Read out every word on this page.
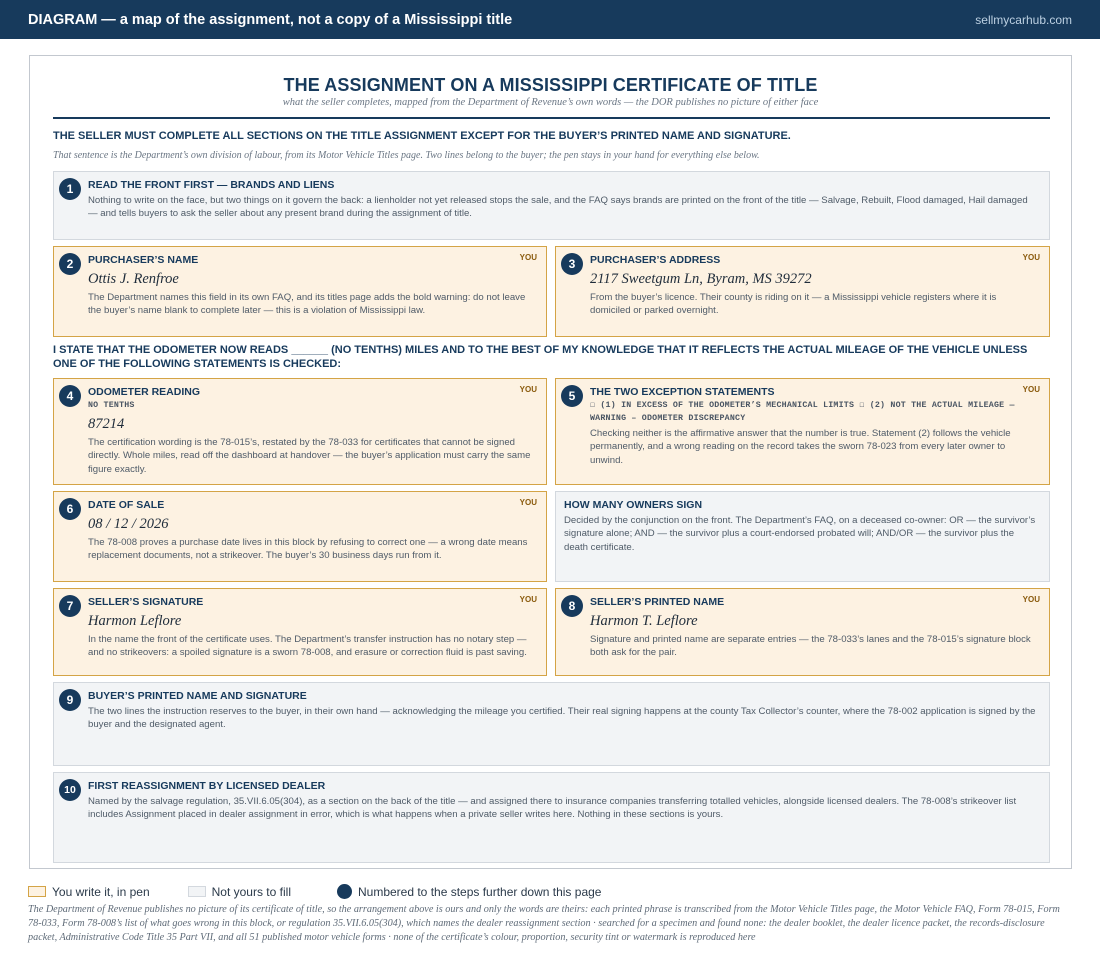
DIAGRAM — a map of the assignment, not a copy of a Mississippi title	sellmycarhub.com
THE ASSIGNMENT ON A MISSISSIPPI CERTIFICATE OF TITLE
what the seller completes, mapped from the Department of Revenue’s own words — the DOR publishes no picture of either face
THE SELLER MUST COMPLETE ALL SECTIONS ON THE TITLE ASSIGNMENT EXCEPT FOR THE BUYER’S PRINTED NAME AND SIGNATURE.
That sentence is the Department’s own division of labour, from its Motor Vehicle Titles page. Two lines belong to the buyer; the pen stays in your hand for everything else below.
1	READ THE FRONT FIRST — BRANDS AND LIENS
Nothing to write on the face, but two things on it govern the back: a lienholder not yet released stops the sale, and the FAQ says brands are printed on the front of the title — Salvage, Rebuilt, Flood damaged, Hail damaged — and tells buyers to ask the seller about any present brand during the assignment of title.
2	YOU
PURCHASER’S NAME
Ottis J. Renfroe
The Department names this field in its own FAQ, and its titles page adds the bold warning: do not leave the buyer’s name blank to complete later — this is a violation of Mississippi law.
3	YOU
PURCHASER’S ADDRESS
2117 Sweetgum Ln, Byram, MS 39272
From the buyer’s licence. Their county is riding on it — a Mississippi vehicle registers where it is domiciled or parked overnight.
I STATE THAT THE ODOMETER NOW READS ______ (NO TENTHS) MILES AND TO THE BEST OF MY KNOWLEDGE THAT IT REFLECTS THE ACTUAL MILEAGE OF THE VEHICLE UNLESS ONE OF THE FOLLOWING STATEMENTS IS CHECKED:
4	YOU
ODOMETER READING
NO TENTHS
87214
The certification wording is the 78-015’s, restated by the 78-033 for certificates that cannot be signed directly. Whole miles, read off the dashboard at handover — the buyer’s application must carry the same figure exactly.
5	YOU
THE TWO EXCEPTION STATEMENTS
☐ (1) IN EXCESS OF THE ODOMETER’S MECHANICAL LIMITS ☐ (2) NOT THE ACTUAL MILEAGE — WARNING – ODOMETER DISCREPANCY
Checking neither is the affirmative answer that the number is true. Statement (2) follows the vehicle permanently, and a wrong reading on the record takes the sworn 78-023 from every later owner to unwind.
6	YOU
DATE OF SALE
08 / 12 / 2026
The 78-008 proves a purchase date lives in this block by refusing to correct one — a wrong date means replacement documents, not a strikeover. The buyer’s 30 business days run from it.
HOW MANY OWNERS SIGN
Decided by the conjunction on the front. The Department’s FAQ, on a deceased co-owner: OR — the survivor’s signature alone; AND — the survivor plus a court-endorsed probated will; AND/OR — the survivor plus the death certificate.
7	YOU
SELLER’S SIGNATURE
Harmon Leflore
In the name the front of the certificate uses. The Department’s transfer instruction has no notary step — and no strikeovers: a spoiled signature is a sworn 78-008, and erasure or correction fluid is past saving.
8	YOU
SELLER’S PRINTED NAME
Harmon T. Leflore
Signature and printed name are separate entries — the 78-033’s lanes and the 78-015’s signature block both ask for the pair.
9	BUYER’S PRINTED NAME AND SIGNATURE
The two lines the instruction reserves to the buyer, in their own hand — acknowledging the mileage you certified. Their real signing happens at the county Tax Collector’s counter, where the 78-002 application is signed by the buyer and the designated agent.
10	FIRST REASSIGNMENT BY LICENSED DEALER
Named by the salvage regulation, 35.VII.6.05(304), as a section on the back of the title — and assigned there to insurance companies transferring totalled vehicles, alongside licensed dealers. The 78-008’s strikeover list includes Assignment placed in dealer assignment in error, which is what happens when a private seller writes here. Nothing in these sections is yours.
You write it, in pen	Not yours to fill	Numbered to the steps further down this page
The Department of Revenue publishes no picture of its certificate of title, so the arrangement above is ours and only the words are theirs: each printed phrase is transcribed from the Motor Vehicle Titles page, the Motor Vehicle FAQ, Form 78-015, Form 78-033, Form 78-008’s list of what goes wrong in this block, or regulation 35.VII.6.05(304), which names the dealer reassignment section · searched for a specimen and found none: the dealer booklet, the dealer licence packet, the records-disclosure packet, Administrative Code Title 35 Part VII, and all 51 published motor vehicle forms · none of the certificate’s colour, proportion, security tint or watermark is reproduced here
